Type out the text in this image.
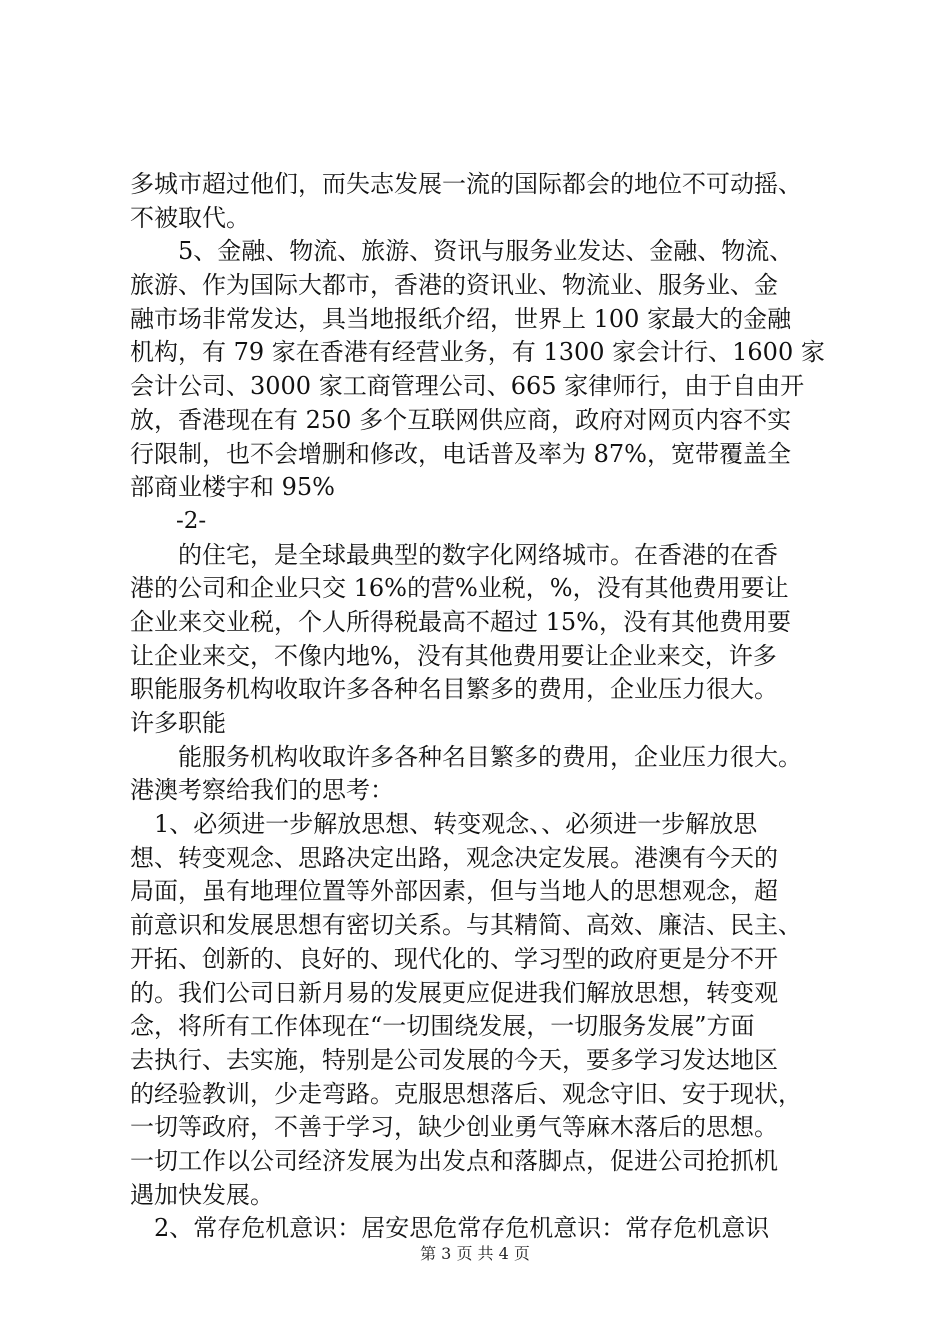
多城市超过他们，而失志发展一流的国际都会的地位不可动摇、
不被取代。
5、金融、物流、旅游、资讯与服务业发达、金融、物流、
旅游、作为国际大都市，香港的资讯业、物流业、服务业、金
融市场非常发达，具当地报纸介绍，世界上 100 家最大的金融
机构，有 79 家在香港有经营业务，有 1300 家会计行、1600 家
会计公司、3000 家工商管理公司、665 家律师行，由于自由开
放，香港现在有 250 多个互联网供应商，政府对网页内容不实
行限制，也不会增删和修改，电话普及率为 87%，宽带覆盖全
部商业楼宇和 95%
-2-
的住宅，是全球最典型的数字化网络城市。在香港的在香
港的公司和企业只交 16%的营%业税，%，没有其他费用要让
企业来交业税，个人所得税最高不超过 15%，没有其他费用要
让企业来交，不像内地%，没有其他费用要让企业来交，许多
职能服务机构收取许多各种名目繁多的费用，企业压力很大。
许多职能
能服务机构收取许多各种名目繁多的费用，企业压力很大。
港澳考察给我们的思考：
1、必须进一步解放思想、转变观念、、必须进一步解放思
想、转变观念、思路决定出路，观念决定发展。港澳有今天的
局面，虽有地理位置等外部因素，但与当地人的思想观念，超
前意识和发展思想有密切关系。与其精简、高效、廉洁、民主、
开拓、创新的、良好的、现代化的、学习型的政府更是分不开
的。我们公司日新月易的发展更应促进我们解放思想，转变观
念，将所有工作体现在“一切围绕发展，一切服务发展”方面
去执行、去实施，特别是公司发展的今天，要多学习发达地区
的经验教训，少走弯路。克服思想落后、观念守旧、安于现状，
一切等政府，不善于学习，缺少创业勇气等麻木落后的思想。
一切工作以公司经济发展为出发点和落脚点，促进公司抢抓机
遇加快发展。
2、常存危机意识：居安思危常存危机意识：常存危机意识
第 3 页 共 4 页
